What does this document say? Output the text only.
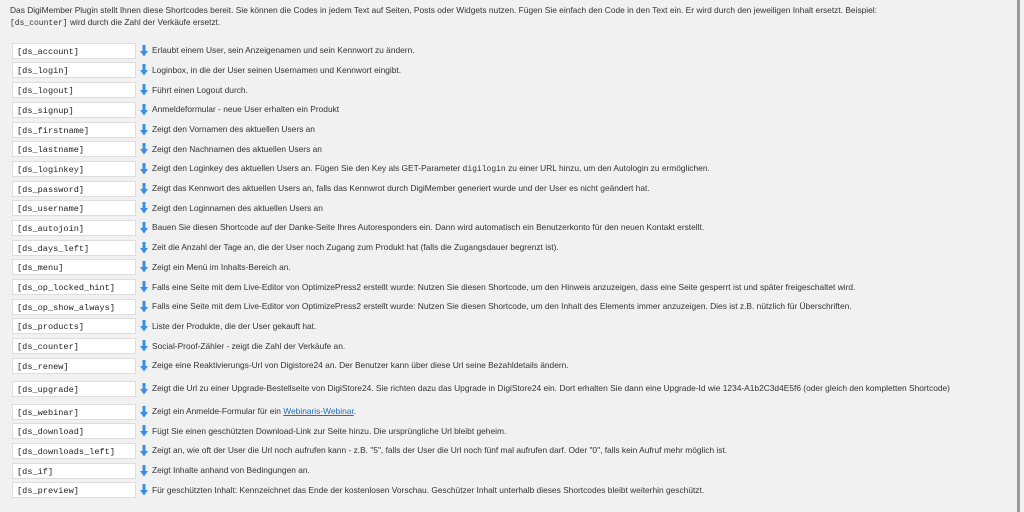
Das DigiMember Plugin stellt Ihnen diese Shortcodes bereit. Sie können die Codes in jedem Text auf Seiten, Posts oder Widgets nutzen. Fügen Sie einfach den Code in den Text ein. Er wird durch den jeweiligen Inhalt ersetzt. Beispiel:
[ds_counter] wird durch die Zahl der Verkäufe ersetzt.
[ds_account]	Erlaubt einem User, sein Anzeigenamen und sein Kennwort zu ändern.
[ds_login]	Loginbox, in die der User seinen Usernamen und Kennwort eingibt.
[ds_logout]	Führt einen Logout durch.
[ds_signup]	Anmeldeformular - neue User erhalten ein Produkt
[ds_firstname]	Zeigt den Vornamen des aktuellen Users an
[ds_lastname]	Zeigt den Nachnamen des aktuellen Users an
[ds_loginkey]	Zeigt den Loginkey des aktuellen Users an. Fügen Sie den Key als GET-Parameter digilogin zu einer URL hinzu, um den Autologin zu ermöglichen.
[ds_password]	Zeigt das Kennwort des aktuellen Users an, falls das Kennwrot durch DigiMember generiert wurde und der User es nicht geändert hat.
[ds_username]	Zeigt den Loginnamen des aktuellen Users an
[ds_autojoin]	Bauen Sie diesen Shortcode auf der Danke-Seite Ihres Autoresponders ein. Dann wird automatisch ein Benutzerkonto für den neuen Kontakt erstellt.
[ds_days_left]	Zeit die Anzahl der Tage an, die der User noch Zugang zum Produkt hat (falls die Zugangsdauer begrenzt ist).
[ds_menu]	Zeigt ein Menü im Inhalts-Bereich an.
[ds_op_locked_hint]	Falls eine Seite mit dem Live-Editor von OptimizePress2 erstellt wurde: Nutzen Sie diesen Shortcode, um den Hinweis anzuzeigen, dass eine Seite gesperrt ist und später freigeschaltet wird.
[ds_op_show_always]	Falls eine Seite mit dem Live-Editor von OptimizePress2 erstellt wurde: Nutzen Sie diesen Shortcode, um den Inhalt des Elements immer anzuzeigen. Dies ist z.B. nützlich für Überschriften.
[ds_products]	Liste der Produkte, die der User gekauft hat.
[ds_counter]	Social-Proof-Zähler - zeigt die Zahl der Verkäufe an.
[ds_renew]	Zeige eine Reaktivierungs-Url von Digistore24 an. Der Benutzer kann über diese Url seine Bezahldetails ändern.
[ds_upgrade]	Zeigt die Url zu einer Upgrade-Bestellseite von DigiStore24. Sie richten dazu das Upgrade in DigiStore24 ein. Dort erhalten Sie dann eine Upgrade-Id wie 1234-A1b2C3d4E5f6 (oder gleich den kompletten Shortcode)
[ds_webinar]	Zeigt ein Anmelde-Formular für ein Webinaris-Webinar.
[ds_download]	Fügt Sie einen geschützten Download-Link zur Seite hinzu. Die ursprüngliche Url bleibt geheim.
[ds_downloads_left]	Zeigt an, wie oft der User die Url noch aufrufen kann - z.B. "5", falls der User die Url noch fünf mal aufrufen darf. Oder "0", falls kein Aufruf mehr möglich ist.
[ds_if]	Zeigt Inhalte anhand von Bedingungen an.
[ds_preview]	Für geschützten Inhalt: Kennzeichnet das Ende der kostenlosen Vorschau. Geschützer Inhalt unterhalb dieses Shortcodes bleibt weiterhin geschützt.
